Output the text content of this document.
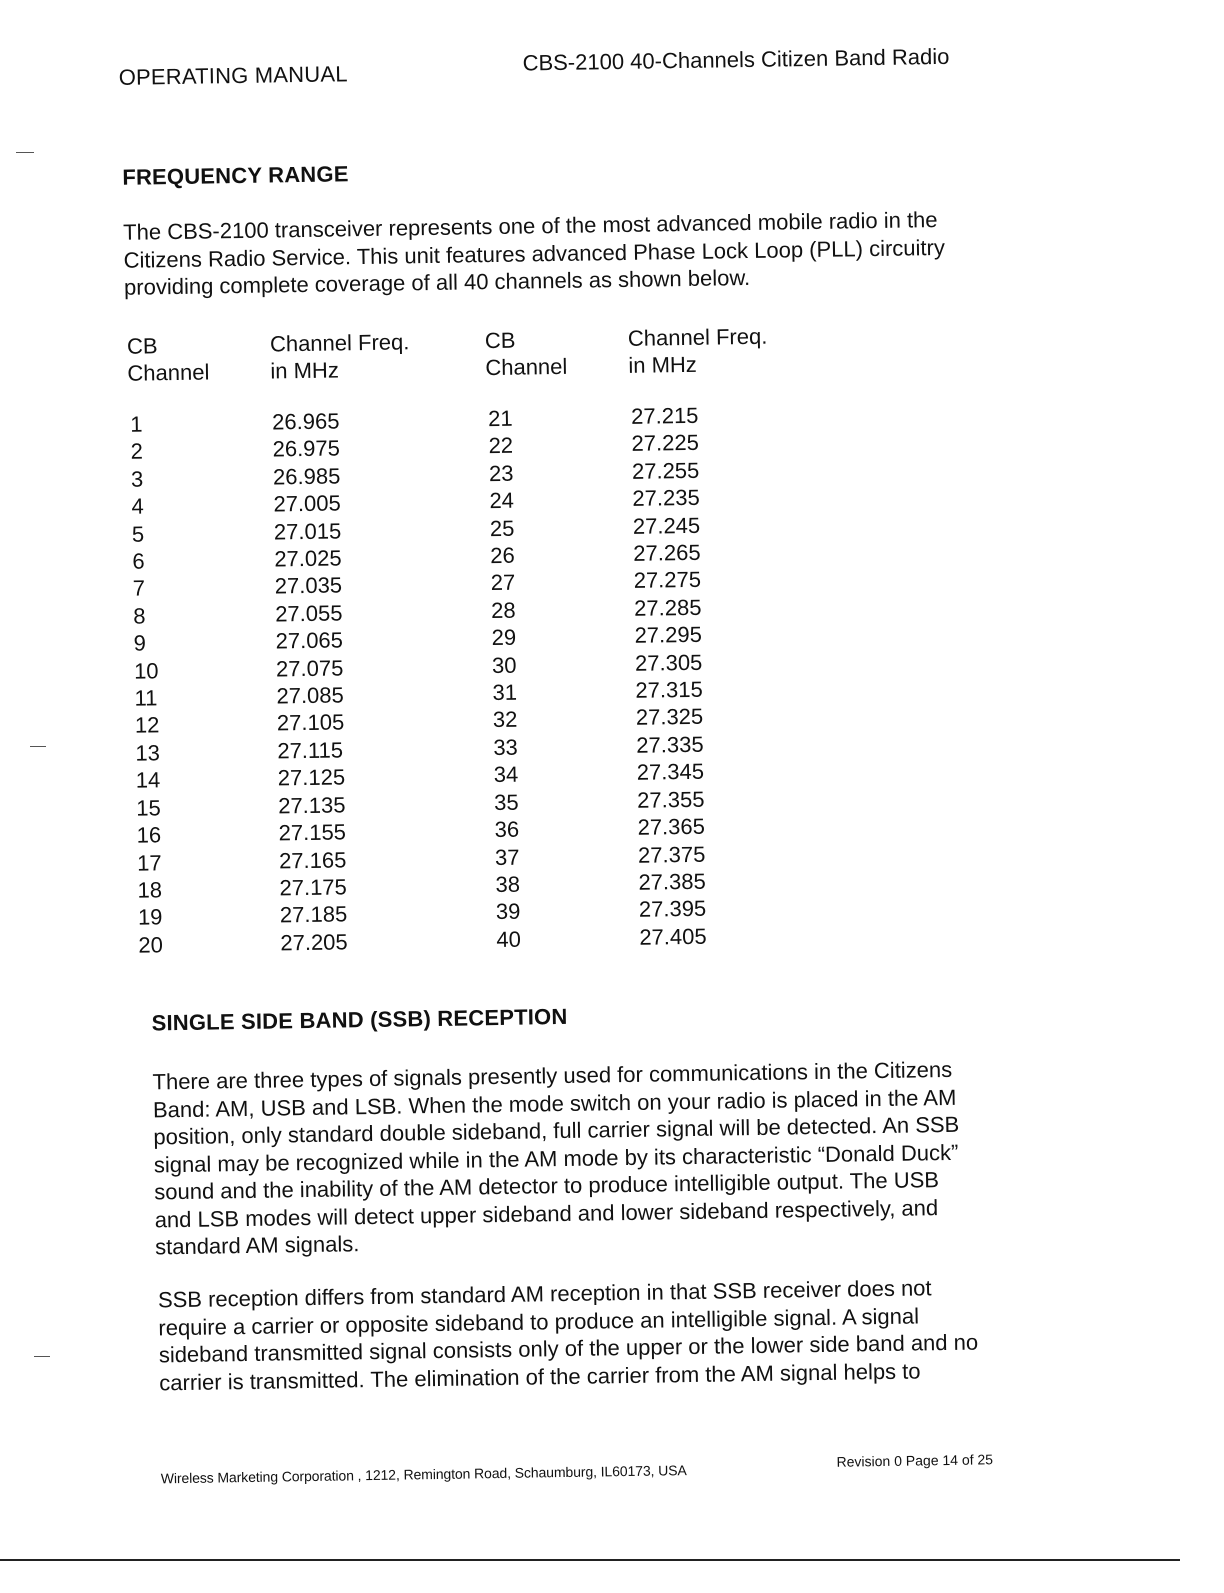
OPERATING MANUAL
CBS-2100 40-Channels Citizen Band Radio
FREQUENCY RANGE
The CBS-2100 transceiver represents one of the most advanced mobile radio in the
Citizens Radio Service. This unit features advanced Phase Lock Loop (PLL) circuitry
providing complete coverage of all 40 channels as shown below.
CB
Channel
Channel Freq.
in MHz
CB
Channel
Channel Freq.
in MHz
1
2
3
4
5
6
7
8
9
10
11
12
13
14
15
16
17
18
19
20
26.965
26.975
26.985
27.005
27.015
27.025
27.035
27.055
27.065
27.075
27.085
27.105
27.115
27.125
27.135
27.155
27.165
27.175
27.185
27.205
21
22
23
24
25
26
27
28
29
30
31
32
33
34
35
36
37
38
39
40
27.215
27.225
27.255
27.235
27.245
27.265
27.275
27.285
27.295
27.305
27.315
27.325
27.335
27.345
27.355
27.365
27.375
27.385
27.395
27.405
SINGLE SIDE BAND (SSB) RECEPTION
There are three types of signals presently used for communications in the Citizens
Band: AM, USB and LSB. When the mode switch on your radio is placed in the AM
position, only standard double sideband, full carrier signal will be detected. An SSB
signal may be recognized while in the AM mode by its characteristic “Donald Duck”
sound and the inability of the AM detector to produce intelligible output. The USB
and LSB modes will detect upper sideband and lower sideband respectively, and
standard AM signals.
SSB reception differs from standard AM reception in that SSB receiver does not
require a carrier or opposite sideband to produce an intelligible signal. A signal
sideband transmitted signal consists only of the upper or the lower side band and no
carrier is transmitted. The elimination of the carrier from the AM signal helps to
Wireless Marketing Corporation , 1212, Remington Road, Schaumburg, IL60173, USA
Revision 0 Page 14 of 25
